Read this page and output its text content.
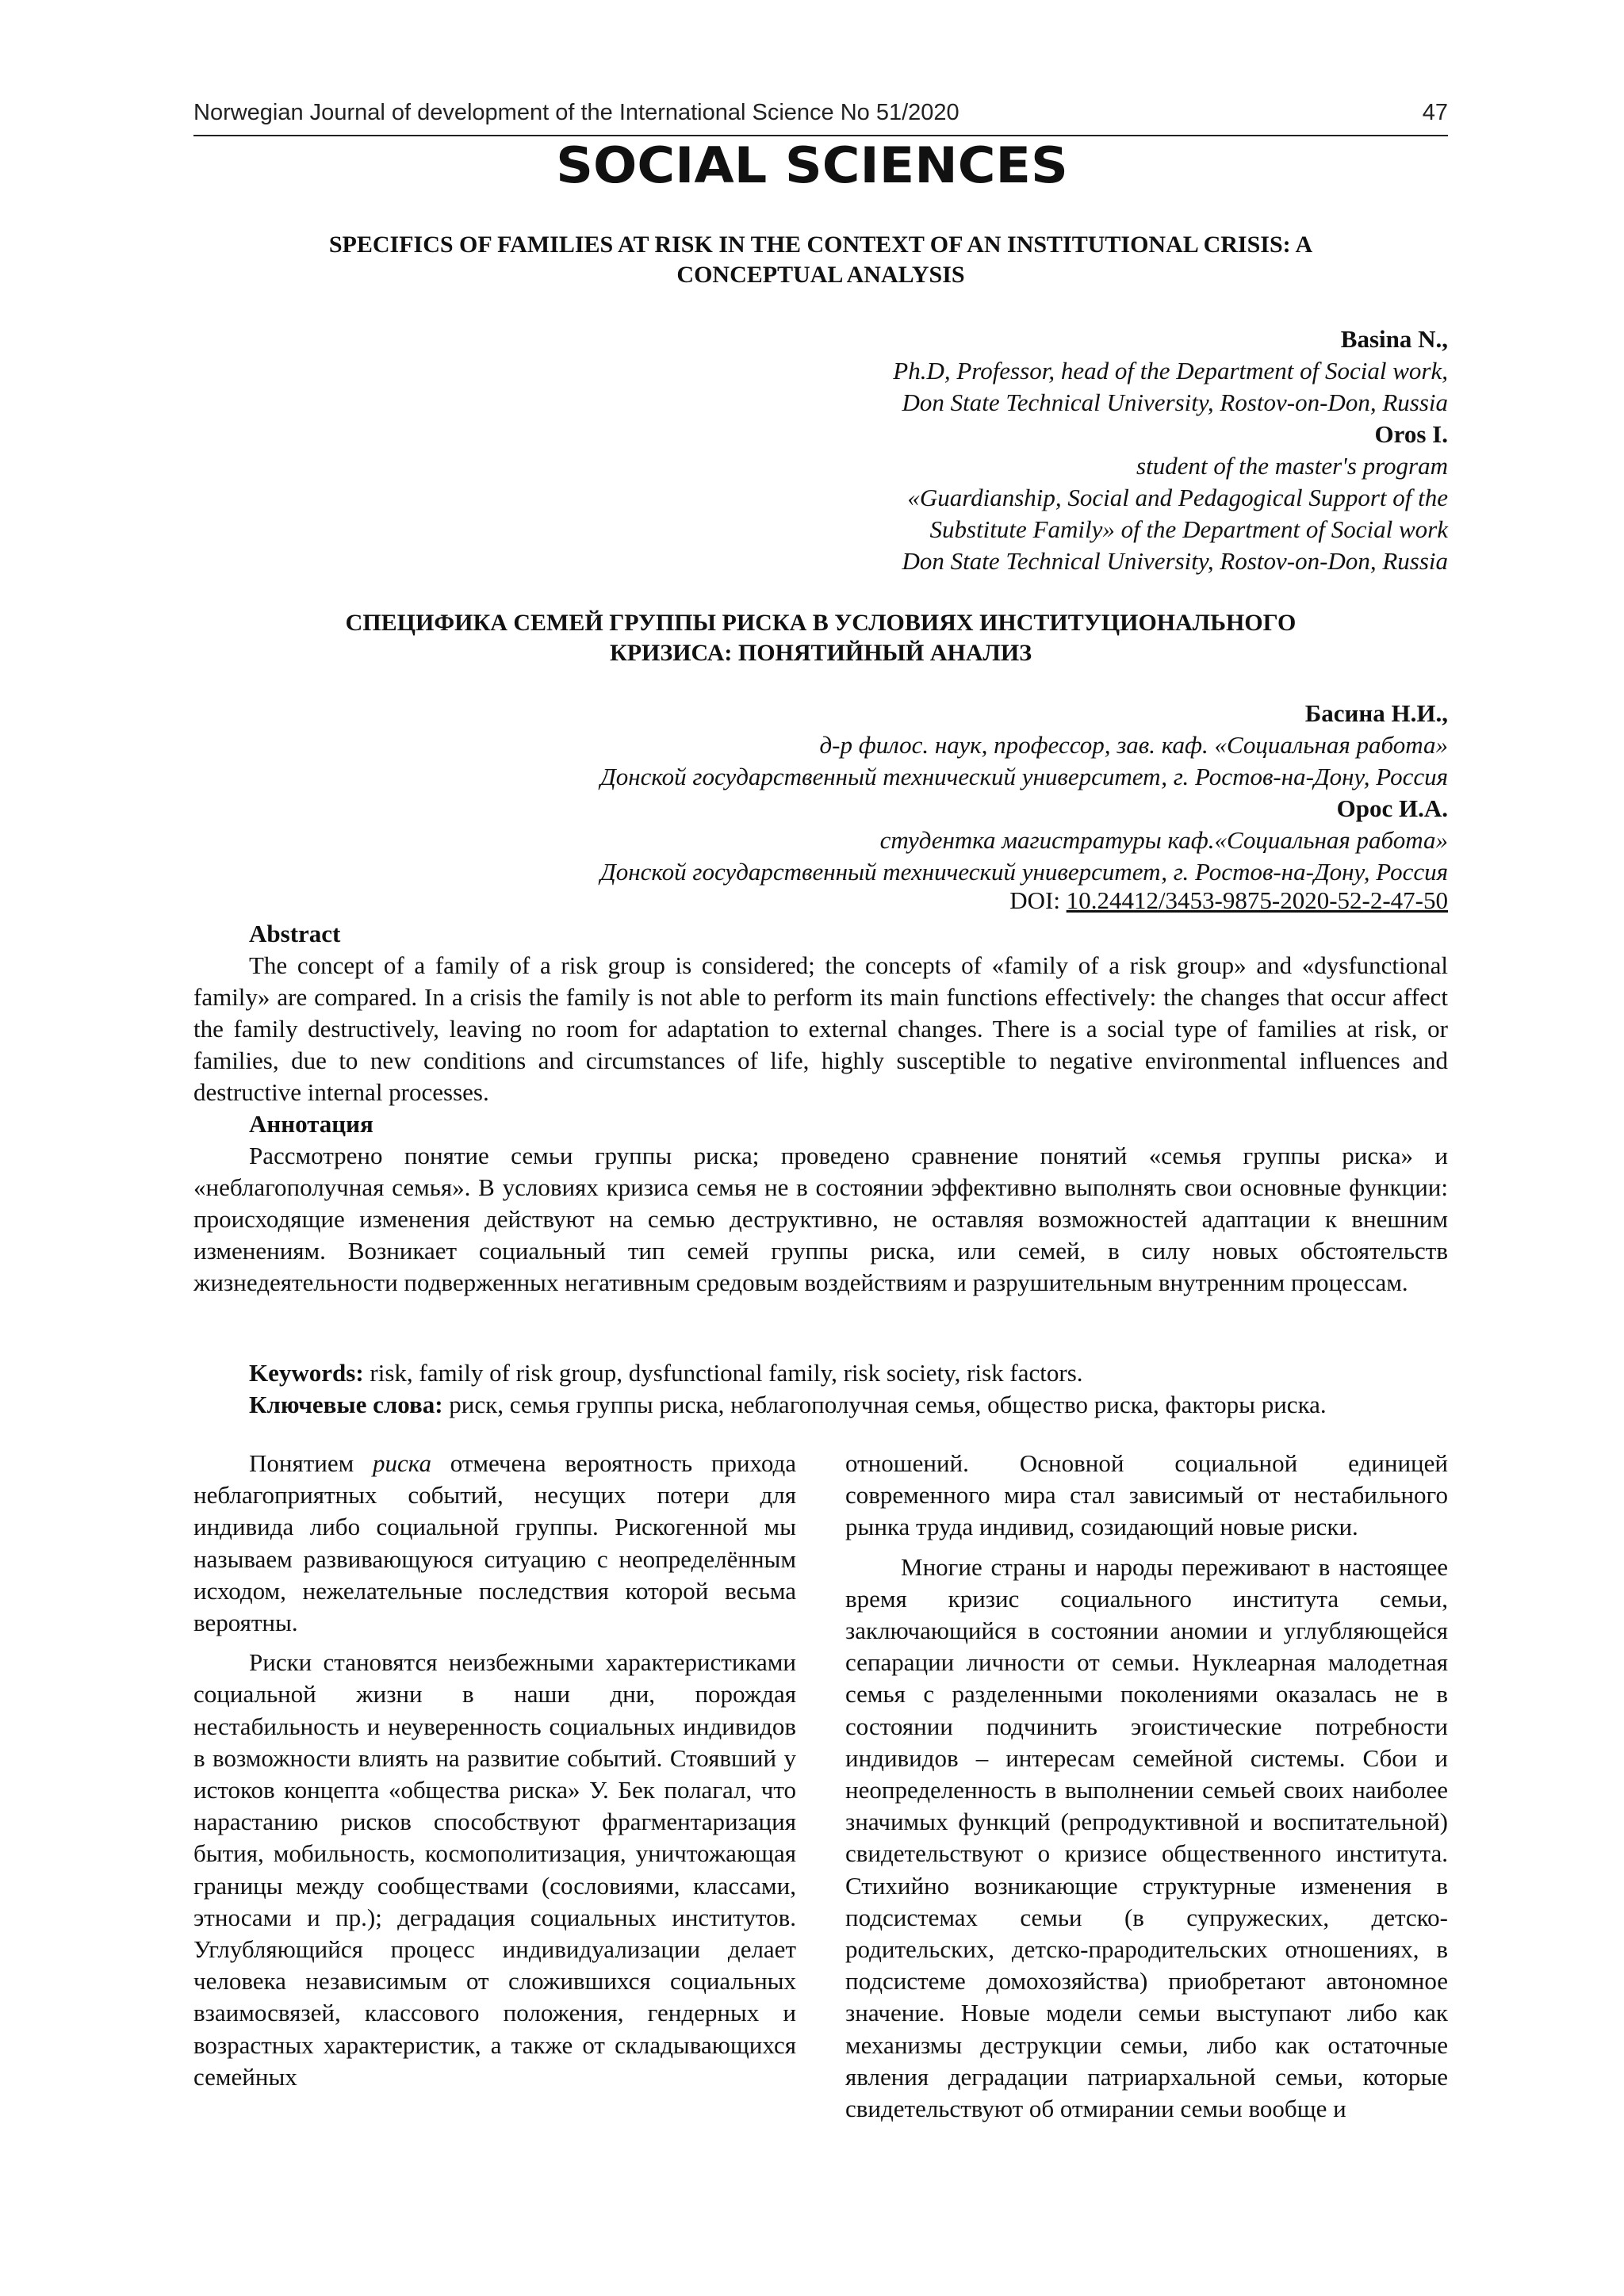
Norwegian Journal of development of the International Science No 51/2020	47
SOCIAL SCIENCES
SPECIFICS OF FAMILIES AT RISK IN THE CONTEXT OF AN INSTITUTIONAL CRISIS: A
CONCEPTUAL ANALYSIS
Basina N.,
Ph.D, Professor, head of the Department of Social work,
Don State Technical University, Rostov-on-Don, Russia
Oros I.
student of the master's program
«Guardianship, Social and Pedagogical Support of the
Substitute Family» of the Department of Social work
Don State Technical University, Rostov-on-Don, Russia
СПЕЦИФИКА СЕМЕЙ ГРУППЫ РИСКА В УСЛОВИЯХ ИНСТИТУЦИОНАЛЬНОГО
КРИЗИСА: ПОНЯТИЙНЫЙ АНАЛИЗ
Басина Н.И.,
д-р филос. наук, профессор, зав. каф. «Социальная работа»
Донской государственный технический университет, г. Ростов-на-Дону, Россия
Орос И.А.
студентка магистратуры каф.«Социальная работа»
Донской государственный технический университет, г. Ростов-на-Дону, Россия
DOI: 10.24412/3453-9875-2020-52-2-47-50
Abstract
The concept of a family of a risk group is considered; the concepts of «family of a risk group» and «dysfunctional family» are compared. In a crisis the family is not able to perform its main functions effectively: the changes that occur affect the family destructively, leaving no room for adaptation to external changes. There is a social type of families at risk, or families, due to new conditions and circumstances of life, highly susceptible to negative environmental influences and destructive internal processes.
Аннотация
Рассмотрено понятие семьи группы риска; проведено сравнение понятий «семья группы риска» и «неблагополучная семья». В условиях кризиса семья не в состоянии эффективно выполнять свои основные функции: происходящие изменения действуют на семью деструктивно, не оставляя возможностей адаптации к внешним изменениям. Возникает социальный тип семей группы риска, или семей, в силу новых обстоятельств жизнедеятельности подверженных негативным средовым воздействиям и разрушительным внутренним процессам.
Keywords: risk, family of risk group, dysfunctional family, risk society, risk factors.
Ключевые слова: риск, семья группы риска, неблагополучная семья, общество риска, факторы риска.

Понятием риска отмечена вероятность прихода неблагоприятных событий, несущих потери для индивида либо социальной группы. Рискогенной мы называем развивающуюся ситуацию с неопределённым исходом, нежелательные последствия которой весьма вероятны.

Риски становятся неизбежными характеристиками социальной жизни в наши дни, порождая нестабильность и неуверенность социальных индивидов в возможности влиять на развитие событий. Стоявший у истоков концепта «общества риска» У. Бек полагал, что нарастанию рисков способствуют фрагментаризация бытия, мобильность, космополитизация, уничтожающая границы между сообществами (сословиями, классами, этносами и пр.); деградация социальных институтов. Углубляющийся процесс индивидуализации делает человека независимым от сложившихся социальных взаимосвязей, классового положения, гендерных и возрастных характеристик, а также от складывающихся семейных

отношений. Основной социальной единицей современного мира стал зависимый от нестабильного рынка труда индивид, созидающий новые риски.

Многие страны и народы переживают в настоящее время кризис социального института семьи, заключающийся в состоянии аномии и углубляющейся сепарации личности от семьи. Нуклеарная малодетная семья с разделенными поколениями оказалась не в состоянии подчинить эгоистические потребности индивидов – интересам семейной системы. Сбои и неопределенность в выполнении семьей своих наиболее значимых функций (репродуктивной и воспитательной) свидетельствуют о кризисе общественного института. Стихийно возникающие структурные изменения в подсистемах семьи (в супружеских, детско-родительских, детско-прародительских отношениях, в подсистеме домохозяйства) приобретают автономное значение. Новые модели семьи выступают либо как механизмы деструкции семьи, либо как остаточные явления деградации патриархальной семьи, которые свидетельствуют об отмирании семьи вообще и
